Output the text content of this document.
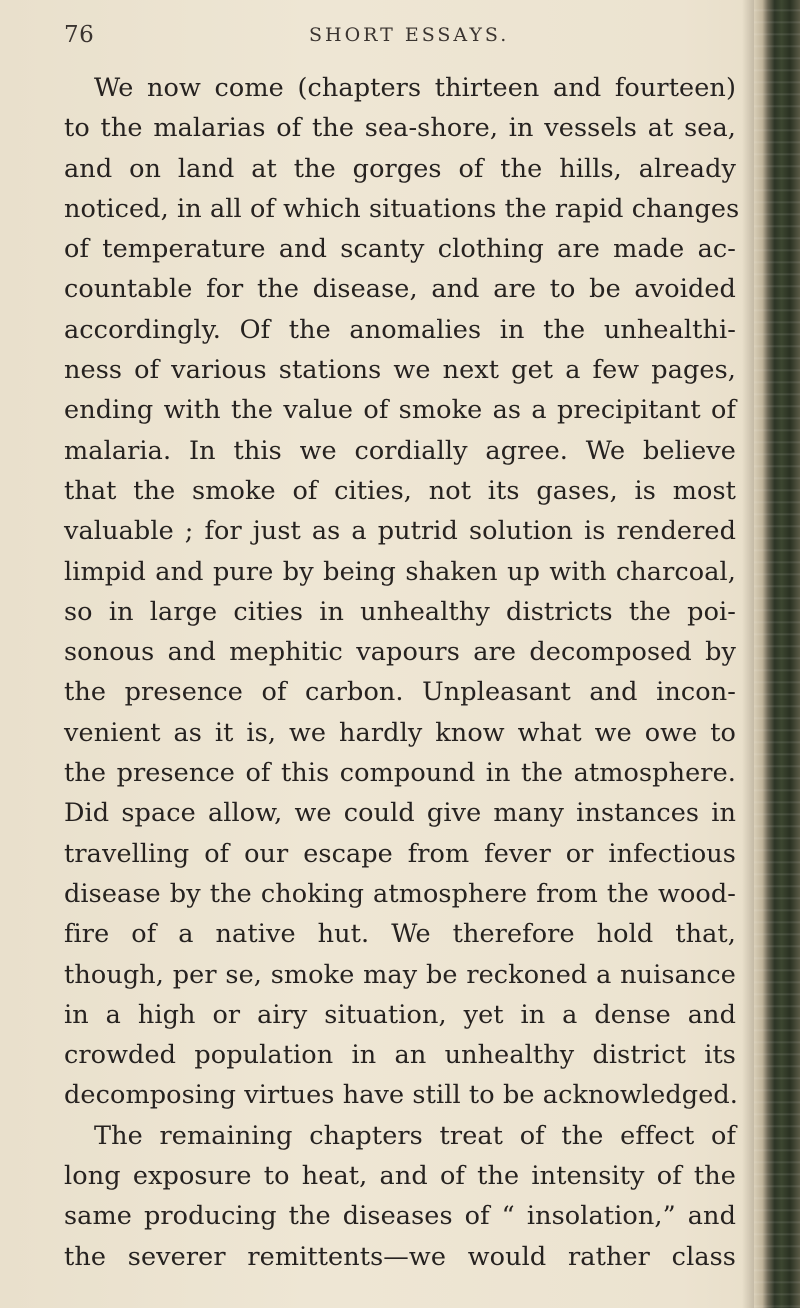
76	SHORT ESSAYS.
We now come (chapters thirteen and fourteen)
to the malarias of the sea-shore, in vessels at sea,
and on land at the gorges of the hills, already
noticed, in all of which situations the rapid changes
of temperature and scanty clothing are made ac-
countable for the disease, and are to be avoided
accordingly. Of the anomalies in the unhealthi-
ness of various stations we next get a few pages,
ending with the value of smoke as a precipitant of
malaria. In this we cordially agree. We believe
that the smoke of cities, not its gases, is most
valuable ; for just as a putrid solution is rendered
limpid and pure by being shaken up with charcoal,
so in large cities in unhealthy districts the poi-
sonous and mephitic vapours are decomposed by
the presence of carbon. Unpleasant and incon-
venient as it is, we hardly know what we owe to
the presence of this compound in the atmosphere.
Did space allow, we could give many instances in
travelling of our escape from fever or infectious
disease by the choking atmosphere from the wood-
fire of a native hut. We therefore hold that,
though, per se, smoke may be reckoned a nuisance
in a high or airy situation, yet in a dense and
crowded population in an unhealthy district its
decomposing virtues have still to be acknowledged.
The remaining chapters treat of the effect of
long exposure to heat, and of the intensity of the
same producing the diseases of “ insolation,” and
the severer remittents—we would rather class
